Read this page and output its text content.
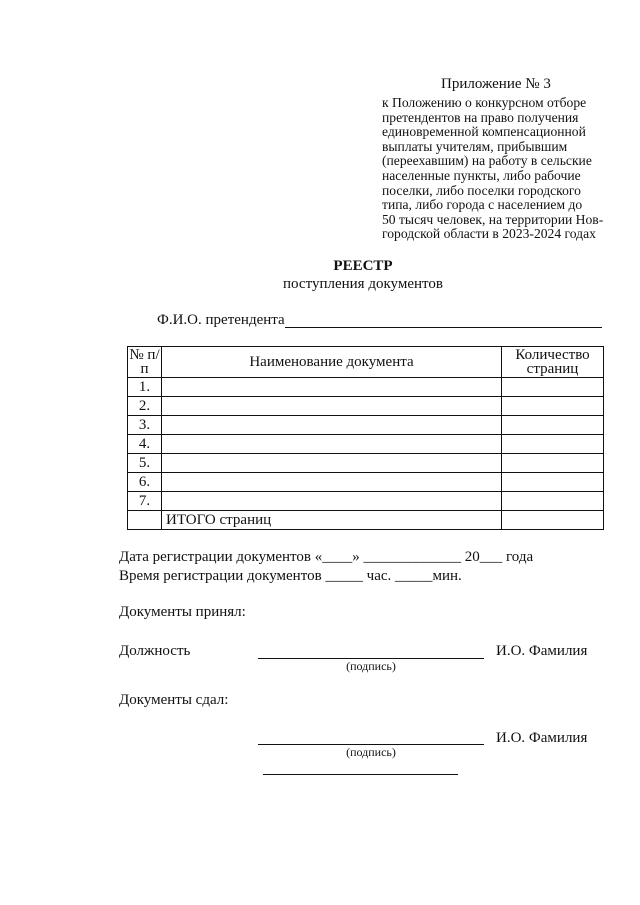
Приложение № 3
к Положению о конкурсном отборе
претендентов на право получения
единовременной компенсационной
выплаты учителям, прибывшим
(переехавшим) на работу в сельские
населенные пункты, либо рабочие
поселки, либо поселки городского
типа, либо города с населением до
50 тысяч человек, на территории Нов-
городской области в 2023-2024 годах
РЕЕСТР
поступления документов
Ф.И.О. претендента
№ п/п	Наименование документа	Количество страниц
1.		
2.		
3.		
4.		
5.		
6.		
7.		
	ИТОГО страниц	
Дата регистрации документов «____» _____________ 20___ года
Время регистрации документов _____ час. _____мин.
Документы принял:
Должность
(подпись)
И.О. Фамилия
Документы сдал:
(подпись)
И.О. Фамилия
